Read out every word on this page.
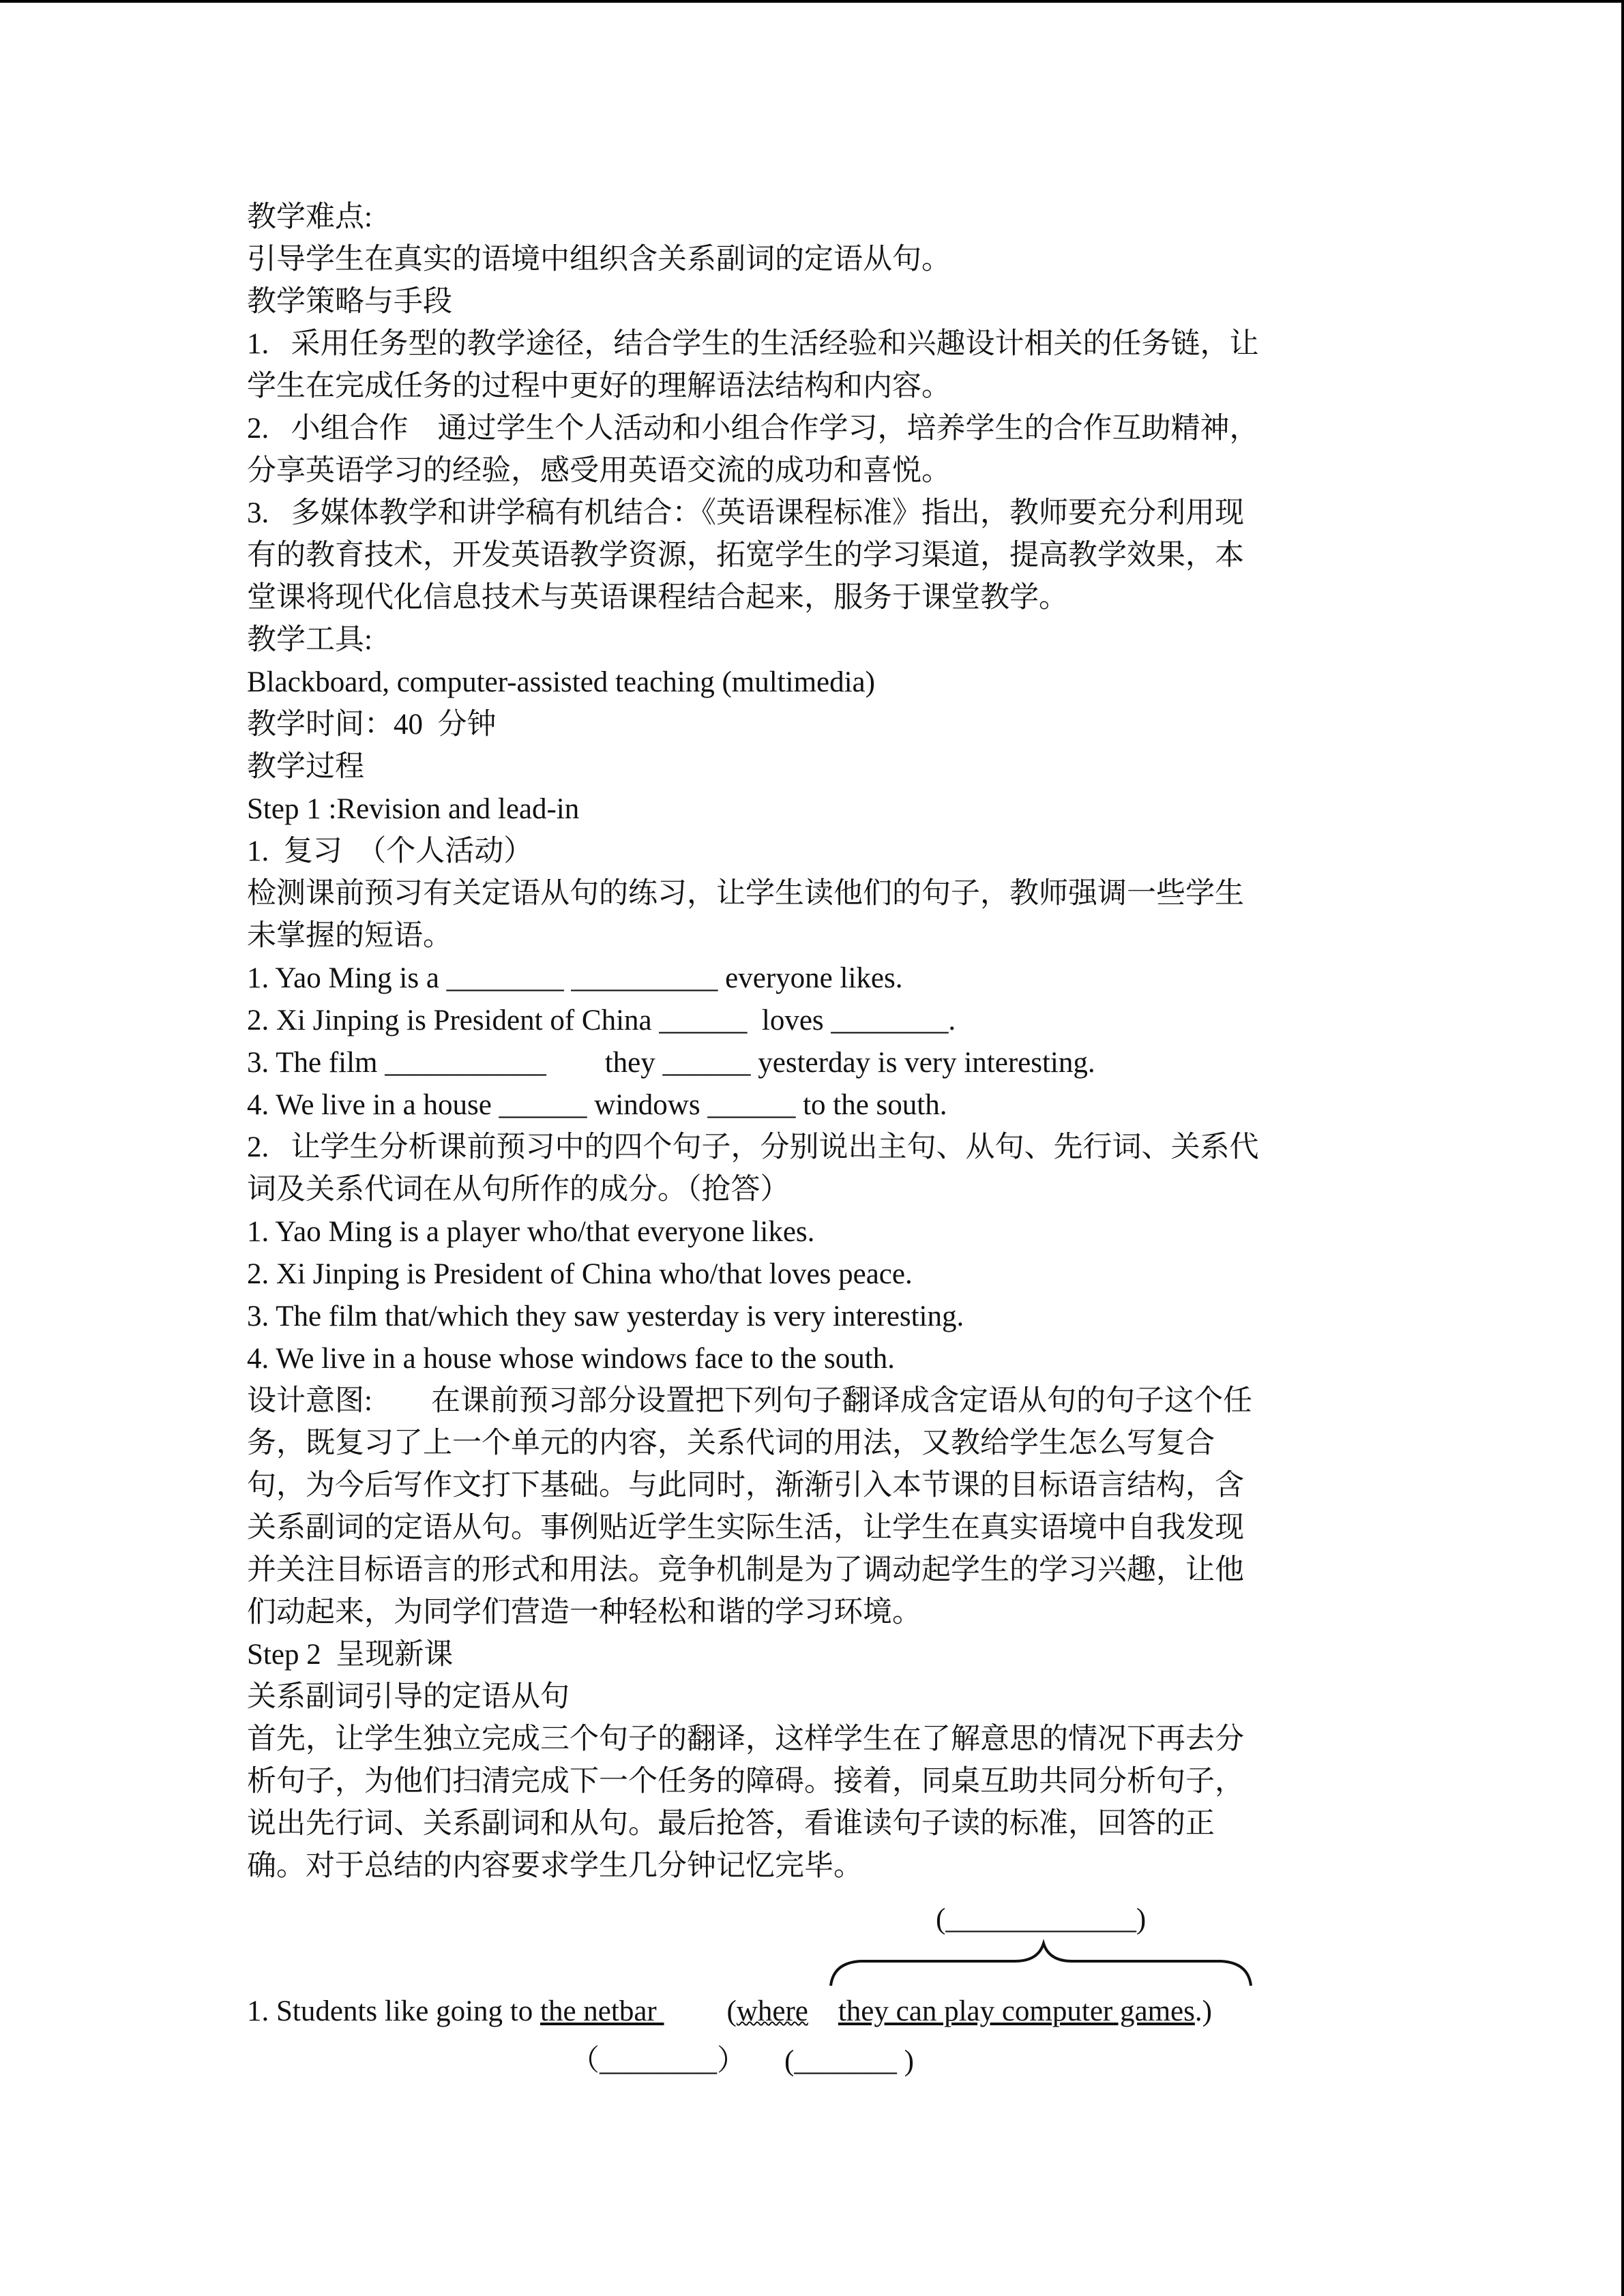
教学难点:

引导学生在真实的语境中组织含关系副词的定语从句。

教学策略与手段

1.   采用任务型的教学途径，结合学生的生活经验和兴趣设计相关的任务链，让

学生在完成任务的过程中更好的理解语法结构和内容。

2.   小组合作    通过学生个人活动和小组合作学习，培养学生的合作互助精神，

分享英语学习的经验，感受用英语交流的成功和喜悦。

3.   多媒体教学和讲学稿有机结合：《英语课程标准》指出，教师要充分利用现

有的教育技术，开发英语教学资源，拓宽学生的学习渠道，提高教学效果，本

堂课将现代化信息技术与英语课程结合起来，服务于课堂教学。

教学工具:

Blackboard, computer-assisted teaching (multimedia)

教学时间：40  分钟

教学过程

Step 1 :Revision and lead-in

1.  复习  （个人活动）

检测课前预习有关定语从句的练习，让学生读他们的句子，教师强调一些学生

未掌握的短语。

1. Yao Ming is a ________ __________ everyone likes.

2. Xi Jinping is President of China ______  loves ________.

3. The film ___________        they ______ yesterday is very interesting.

4. We live in a house ______ windows ______ to the south.

2.   让学生分析课前预习中的四个句子，分别说出主句、从句、先行词、关系代

词及关系代词在从句所作的成分。（抢答）

1. Yao Ming is a player who/that everyone likes.

2. Xi Jinping is President of China who/that loves peace.

3. The film that/which they saw yesterday is very interesting.

4. We live in a house whose windows face to the south.

设计意图:        在课前预习部分设置把下列句子翻译成含定语从句的句子这个任

务，既复习了上一个单元的内容，关系代词的用法，又教给学生怎么写复合

句，为今后写作文打下基础。与此同时，渐渐引入本节课的目标语言结构，含

关系副词的定语从句。事例贴近学生实际生活，让学生在真实语境中自我发现

并关注目标语言的形式和用法。竞争机制是为了调动起学生的学习兴趣，让他

们动起来，为同学们营造一种轻松和谐的学习环境。

Step 2  呈现新课

关系副词引导的定语从句

首先，让学生独立完成三个句子的翻译，这样学生在了解意思的情况下再去分

析句子，为他们扫清完成下一个任务的障碍。接着，同桌互助共同分析句子，

说出先行词、关系副词和从句。最后抢答，看谁读句子读的标准，回答的正

确。对于总结的内容要求学生几分钟记忆完毕。

(_____________)
1. Students like going to the netbar (where they can play computer games.)
（________） (_______ )
